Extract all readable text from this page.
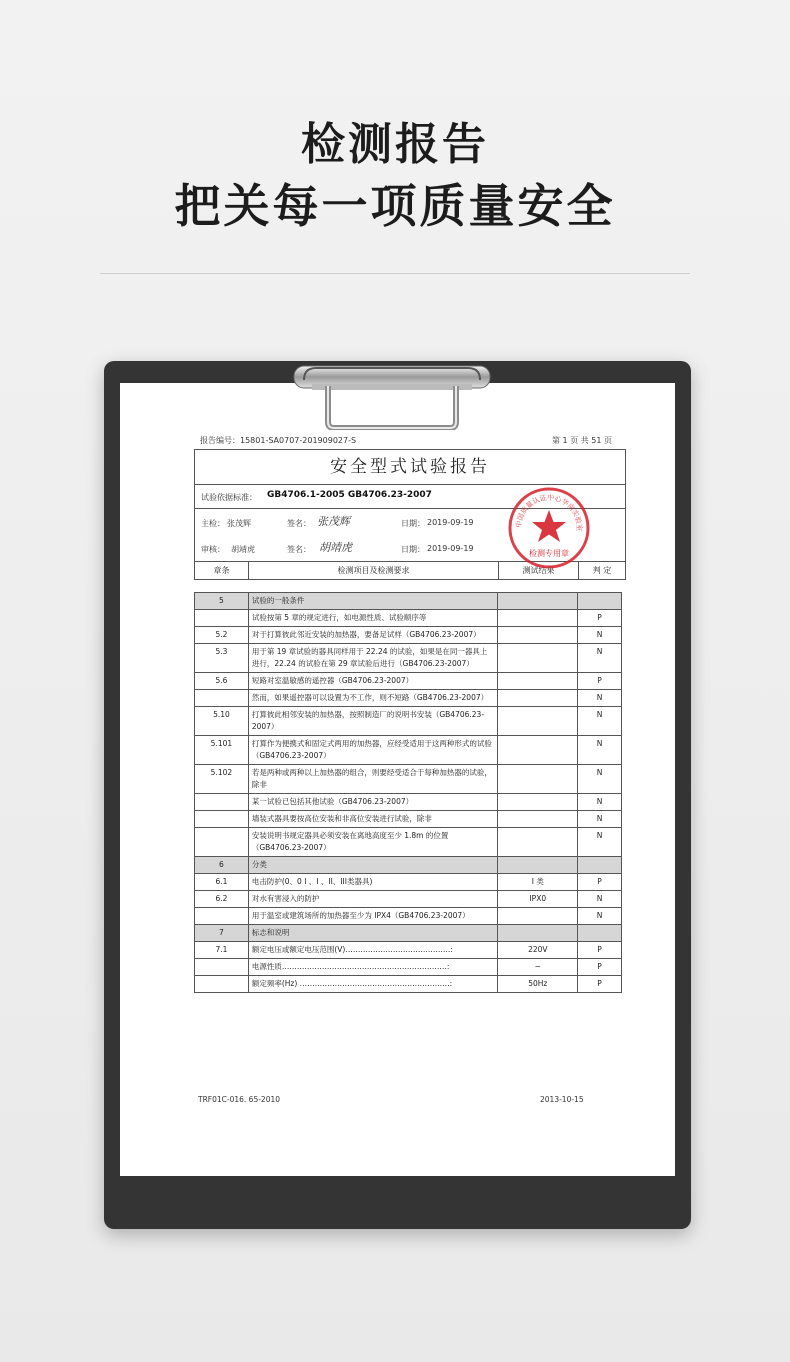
检测报告
把关每一项质量安全
报告编号：15801-SA0707-201909027-S	第 1 页 共 51 页
安全型式试验报告
试验依据标准： GB4706.1-2005 GB4706.23-2007
主检： 张茂辉	签名： 张茂辉	日期： 2019-09-19
审核： 胡靖虎	签名： 胡靖虎	日期： 2019-09-19
章条	检测项目及检测要求	测试结果	判 定
中国质量认证中心华南实验室
检测专用章
5	试验的一般条件		
	试验按第 5 章的规定进行，如电源性质、试验顺序等		P
5.2	对于打算彼此邻近安装的加热器，要备足试样（GB4706.23-2007）		N
5.3	用于第 19 章试验的器具同样用于 22.24 的试验，如果是在同一器具上进行，22.24 的试验在第 29 章试验后进行（GB4706.23-2007）		N
5.6	短路对室温敏感的遥控器（GB4706.23-2007）		P
	然而，如果遥控器可以设置为不工作，则不短路（GB4706.23-2007）		N
5.10	打算彼此相邻安装的加热器，按照制造厂的说明书安装（GB4706.23-2007）		N
5.101	打算作为便携式和固定式两用的加热器，应经受适用于这两种形式的试验（GB4706.23-2007）		N
5.102	若是两种或两种以上加热器的组合，则要经受适合于每种加热器的试验，除非		N
	某一试验已包括其他试验（GB4706.23-2007）		N
	墙装式器具要按高位安装和非高位安装进行试验，除非		N
	安装说明书规定器具必须安装在离地高度至少 1.8m 的位置（GB4706.23-2007）		N
6	分类		
6.1	电击防护(0、0 I 、I 、II、III类器具)	I 类	P
6.2	对水有害浸入的防护	IPX0	N
	用于温室或建筑场所的加热器至少为 IPX4（GB4706.23-2007）		N
7	标志和说明		
7.1	额定电压或额定电压范围(V)……………………………………:	220V	P
	电源性质…………………………………………………………:	~	P
	额定频率(Hz) ……………………………………………………:	50Hz	P
TRF01C-016. 65-2010	2013-10-15
